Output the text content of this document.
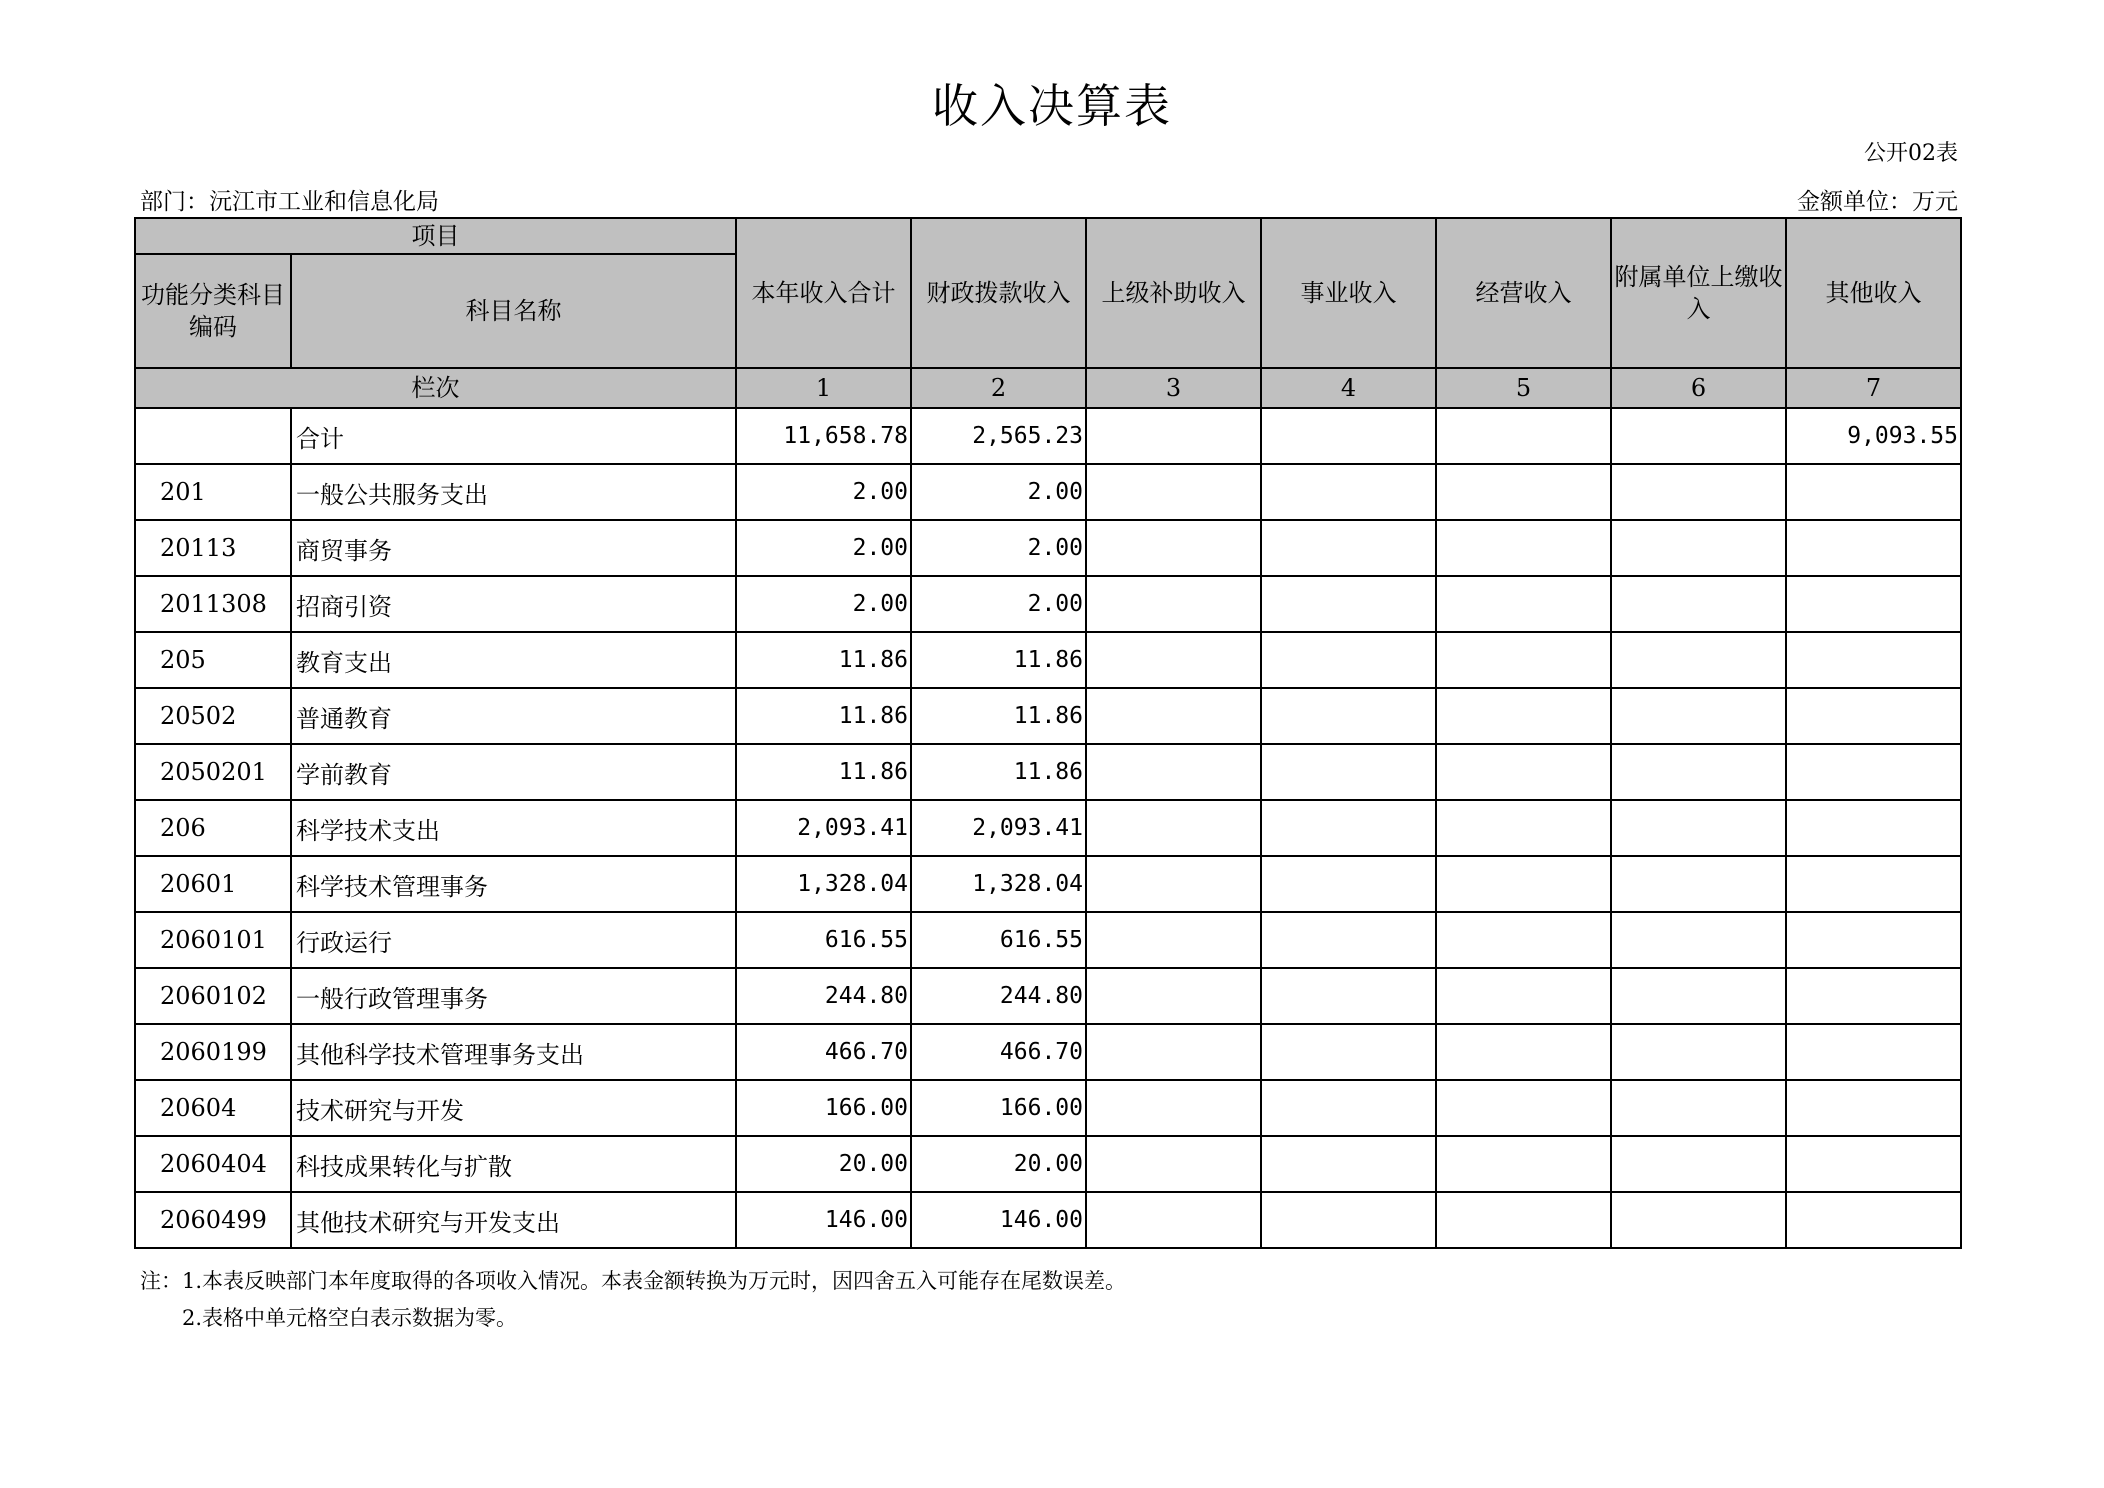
收入决算表
公开02表
部门：沅江市工业和信息化局	金额单位：万元
项目		本年收入合计	财政拨款收入	上级补助收入	事业收入	经营收入	附属单位上缴收入	其他收入
功能分类科目编码	科目名称							
栏次		1	2	3	4	5	6	7
	合计	11,658.78	2,565.23					9,093.55
201	一般公共服务支出	2.00	2.00					
20113	商贸事务	2.00	2.00					
2011308	招商引资	2.00	2.00					
205	教育支出	11.86	11.86					
20502	普通教育	11.86	11.86					
2050201	学前教育	11.86	11.86					
206	科学技术支出	2,093.41	2,093.41					
20601	科学技术管理事务	1,328.04	1,328.04					
2060101	行政运行	616.55	616.55					
2060102	一般行政管理事务	244.80	244.80					
2060199	其他科学技术管理事务支出	466.70	466.70					
20604	技术研究与开发	166.00	166.00					
2060404	科技成果转化与扩散	20.00	20.00					
2060499	其他技术研究与开发支出	146.00	146.00					
注：1.本表反映部门本年度取得的各项收入情况。本表金额转换为万元时，因四舍五入可能存在尾数误差。
2.表格中单元格空白表示数据为零。
